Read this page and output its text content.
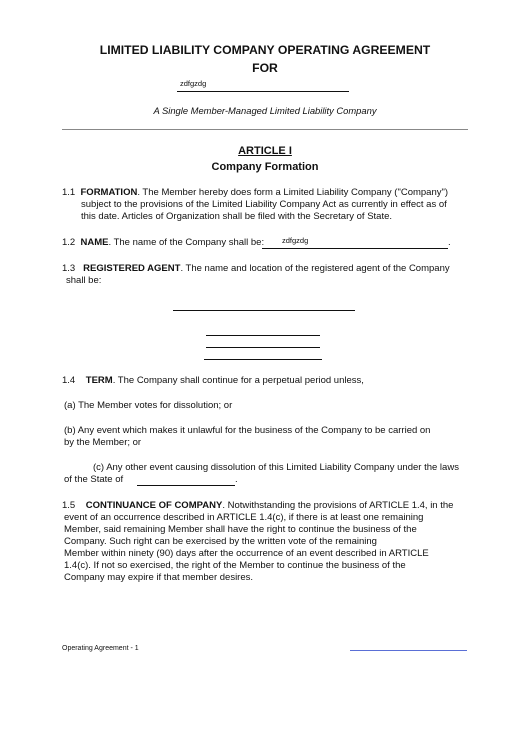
LIMITED LIABILITY COMPANY OPERATING AGREEMENT
FOR
zdfgzdg
A Single Member-Managed Limited Liability Company
ARTICLE I
Company Formation
1.1 FORMATION. The Member hereby does form a Limited Liability Company ("Company")
subject to the provisions of the Limited Liability Company Act as currently in effect as of
this date. Articles of Organization shall be filed with the Secretary of State.
1.2 NAME. The name of the Company shall be: zdfgzdg	.
1.3 REGISTERED AGENT. The name and location of the registered agent of the Company
shall be:
1.4 TERM. The Company shall continue for a perpetual period unless,
(a) The Member votes for dissolution; or
(b) Any event which makes it unlawful for the business of the Company to be carried on
by the Member; or
(c) Any other event causing dissolution of this Limited Liability Company under the laws
of the State of	.
1.5 CONTINUANCE OF COMPANY. Notwithstanding the provisions of ARTICLE 1.4, in the
event of an occurrence described in ARTICLE 1.4(c), if there is at least one remaining
Member, said remaining Member shall have the right to continue the business of the
Company. Such right can be exercised by the written vote of the remaining
Member within ninety (90) days after the occurrence of an event described in ARTICLE
1.4(c). If not so exercised, the right of the Member to continue the business of the
Company may expire if that member desires.
Operating Agreement - 1
